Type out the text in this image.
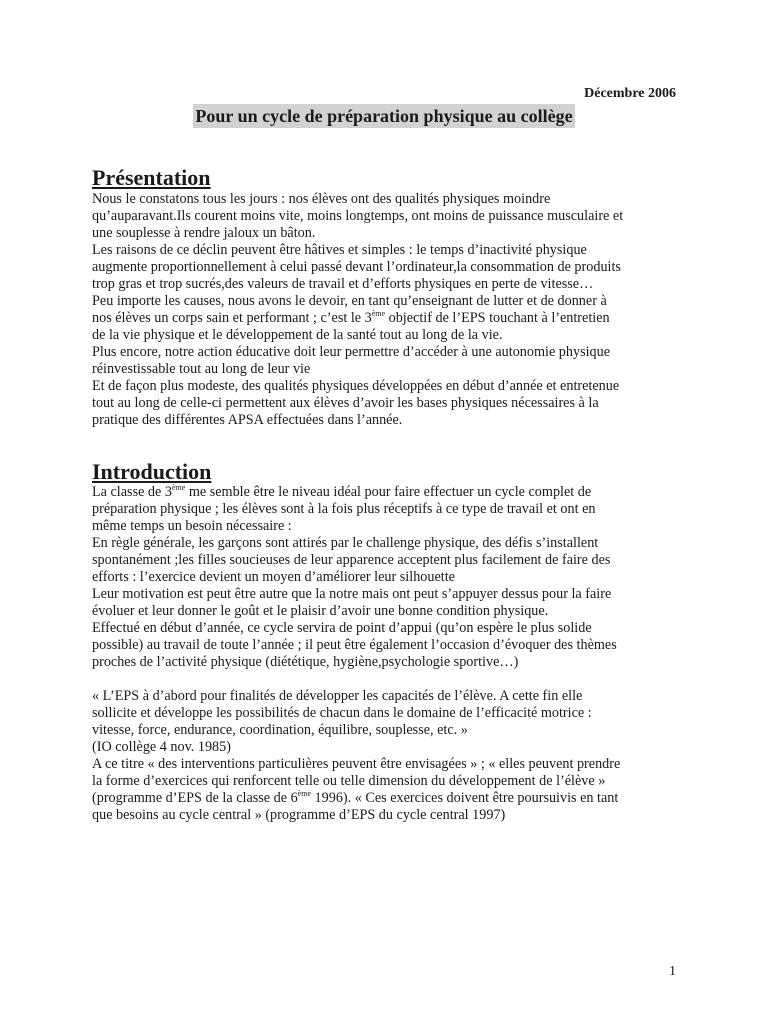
Décembre 2006
Pour un cycle de préparation physique au collège
Présentation

Nous le constatons tous les jours : nos élèves ont des qualités physiques moindre

qu’auparavant.Ils courent moins vite, moins longtemps, ont moins de puissance musculaire et

une souplesse à rendre jaloux un bâton.

Les raisons de ce déclin peuvent être hâtives et simples : le temps d’inactivité physique

augmente proportionnellement à celui passé devant l’ordinateur,la consommation de produits

trop gras et trop sucrés,des valeurs de travail et d’efforts physiques en perte de vitesse…

Peu importe les causes, nous avons le devoir, en tant qu’enseignant de lutter et de donner à

nos élèves un corps sain et performant ; c’est le 3ème objectif de l’EPS touchant à l’entretien

de la vie physique et le développement de la santé tout au long de la vie.

Plus encore, notre action éducative doit leur permettre d’accéder à une autonomie physique

réinvestissable tout au long de leur vie

Et de façon plus modeste, des qualités physiques développées en début d’année et entretenue

tout au long de celle-ci permettent aux élèves d’avoir les bases physiques nécessaires à la

pratique des différentes APSA effectuées dans l’année.

Introduction

La classe de 3ème me semble être le niveau idéal pour faire effectuer un cycle complet de

préparation physique ; les élèves sont à la fois plus réceptifs à ce type de travail et ont en

même temps un besoin nécessaire :

En règle générale, les garçons sont attirés par le challenge physique, des défis s’installent

spontanément ;les filles soucieuses de leur apparence acceptent plus facilement de faire des

efforts : l’exercice devient un moyen d’améliorer leur silhouette

Leur motivation est peut être autre que la notre mais ont peut s’appuyer dessus pour la faire

évoluer et leur donner le goût et le plaisir d’avoir une bonne condition physique.

Effectué en début d’année, ce cycle servira de point d’appui (qu’on espère le plus solide

possible) au travail de toute l’année ; il peut être également l’occasion d’évoquer des thèmes

proches de l’activité physique (diététique, hygiène,psychologie sportive…)

« L’EPS à d’abord pour finalités de développer les capacités de l’élève. A cette fin elle

sollicite et développe les possibilités de chacun dans le domaine de l’efficacité motrice :

vitesse, force, endurance, coordination, équilibre, souplesse, etc. »

(IO collège 4 nov. 1985)

A ce titre « des interventions particulières peuvent être envisagées » ; « elles peuvent prendre

la forme d’exercices qui renforcent telle ou telle dimension du développement de l’élève »

(programme d’EPS de la classe de 6ème 1996). « Ces exercices doivent être poursuivis en tant

que besoins au cycle central » (programme d’EPS du cycle central 1997)

1
